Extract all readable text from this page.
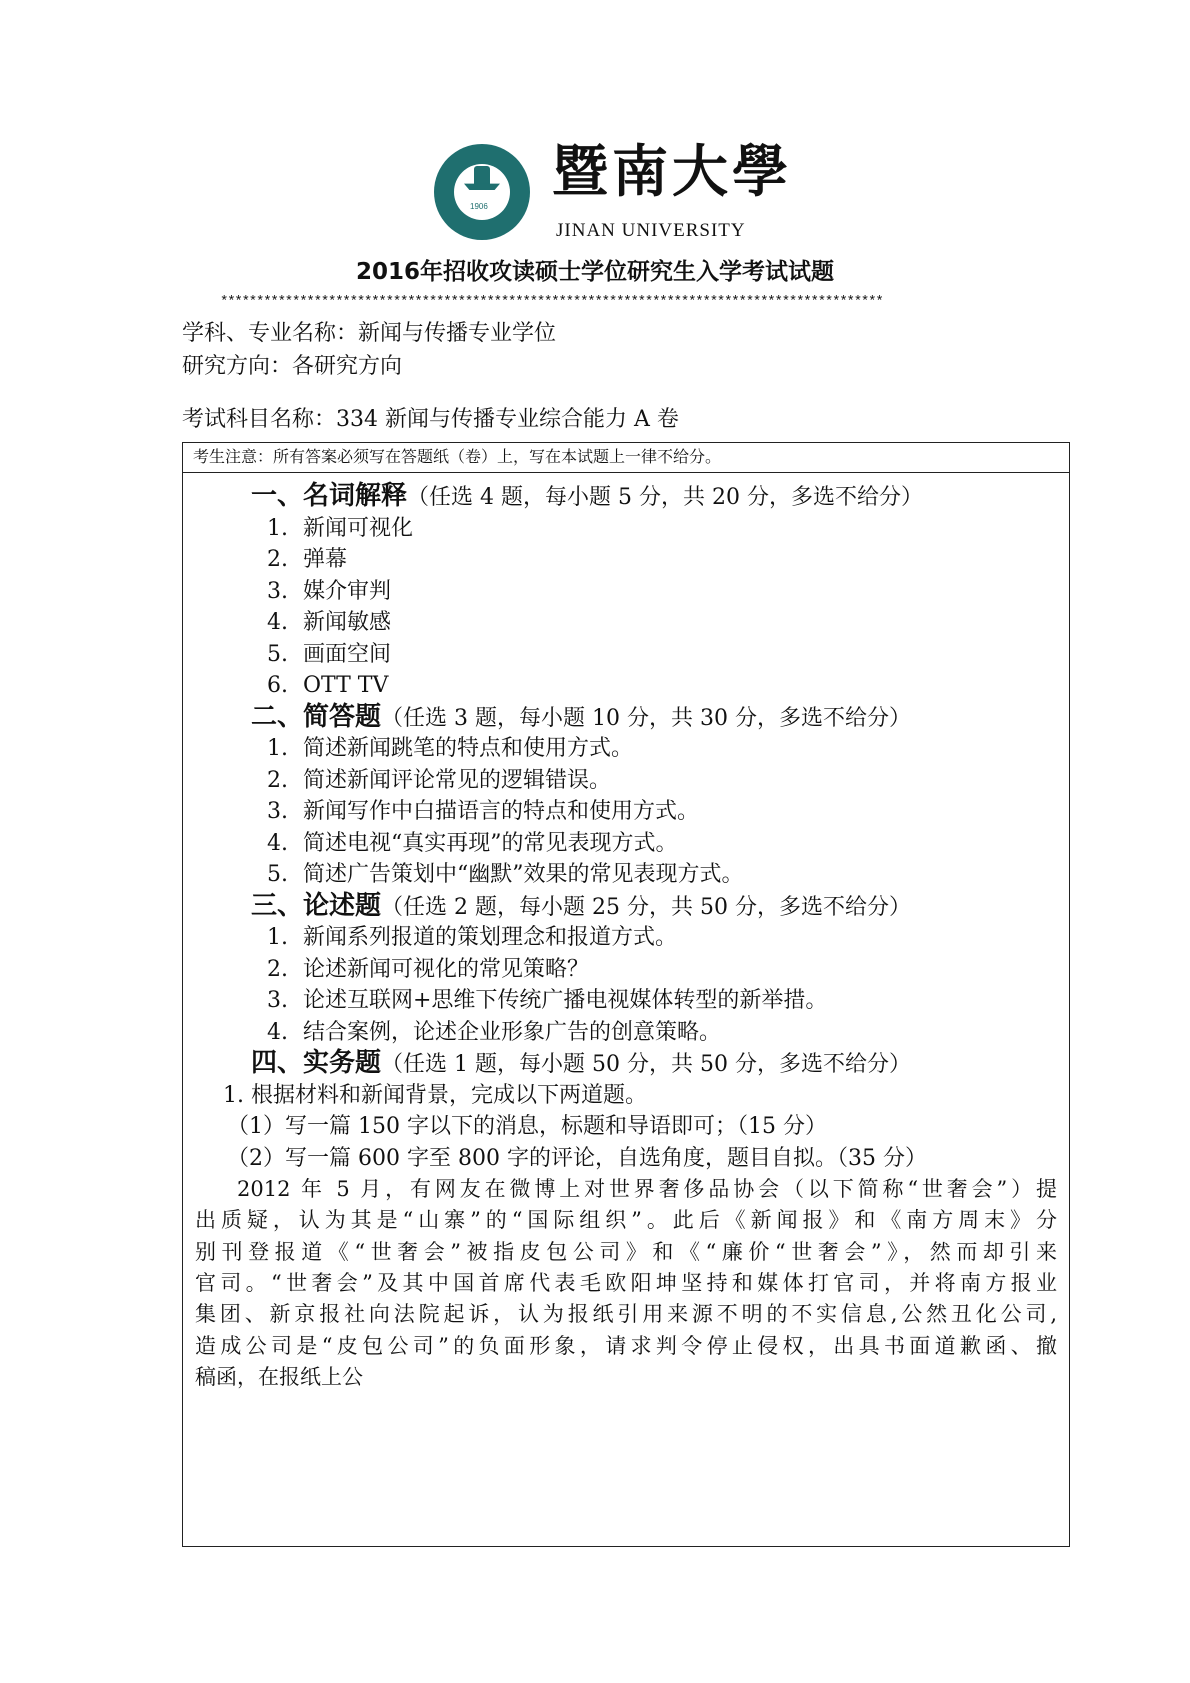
1906
暨南大學
JINAN UNIVERSITY
2016年招收攻读硕士学位研究生入学考试试题
********************************************************************************************
学科、专业名称：新闻与传播专业学位
研究方向：各研究方向
考试科目名称：334 新闻与传播专业综合能力 A 卷
考生注意：所有答案必须写在答题纸（卷）上，写在本试题上一律不给分。
一、名词解释（任选 4 题，每小题 5 分，共 20 分，多选不给分）
1. 新闻可视化
2. 弹幕
3. 媒介审判
4. 新闻敏感
5. 画面空间
6. OTT TV
二、简答题（任选 3 题，每小题 10 分，共 30 分，多选不给分）
1. 简述新闻跳笔的特点和使用方式。
2. 简述新闻评论常见的逻辑错误。
3. 新闻写作中白描语言的特点和使用方式。
4. 简述电视“真实再现”的常见表现方式。
5. 简述广告策划中“幽默”效果的常见表现方式。
三、论述题（任选 2 题，每小题 25 分，共 50 分，多选不给分）
1. 新闻系列报道的策划理念和报道方式。
2. 论述新闻可视化的常见策略？
3. 论述互联网+思维下传统广播电视媒体转型的新举措。
4. 结合案例，论述企业形象广告的创意策略。
四、实务题（任选 1 题，每小题 50 分，共 50 分，多选不给分）
1. 根据材料和新闻背景，完成以下两道题。
（1）写一篇 150 字以下的消息，标题和导语即可；（15 分）
（2）写一篇 600 字至 800 字的评论，自选角度，题目自拟。（35 分）
2012 年 5 月，有网友在微博上对世界奢侈品协会（以下简称“世奢会”）提
出质疑，认为其是“山寨”的“国际组织”。此后《新闻报》和《南方周末》分
别刊登报道《“世奢会”被指皮包公司》和《“廉价“世奢会”》，然而却引来
官司。“世奢会”及其中国首席代表毛欧阳坤坚持和媒体打官司，并将南方报业
集团、新京报社向法院起诉，认为报纸引用来源不明的不实信息,公然丑化公司,
造成公司是“皮包公司”的负面形象，请求判令停止侵权，出具书面道歉函、撤
稿函，在报纸上公
